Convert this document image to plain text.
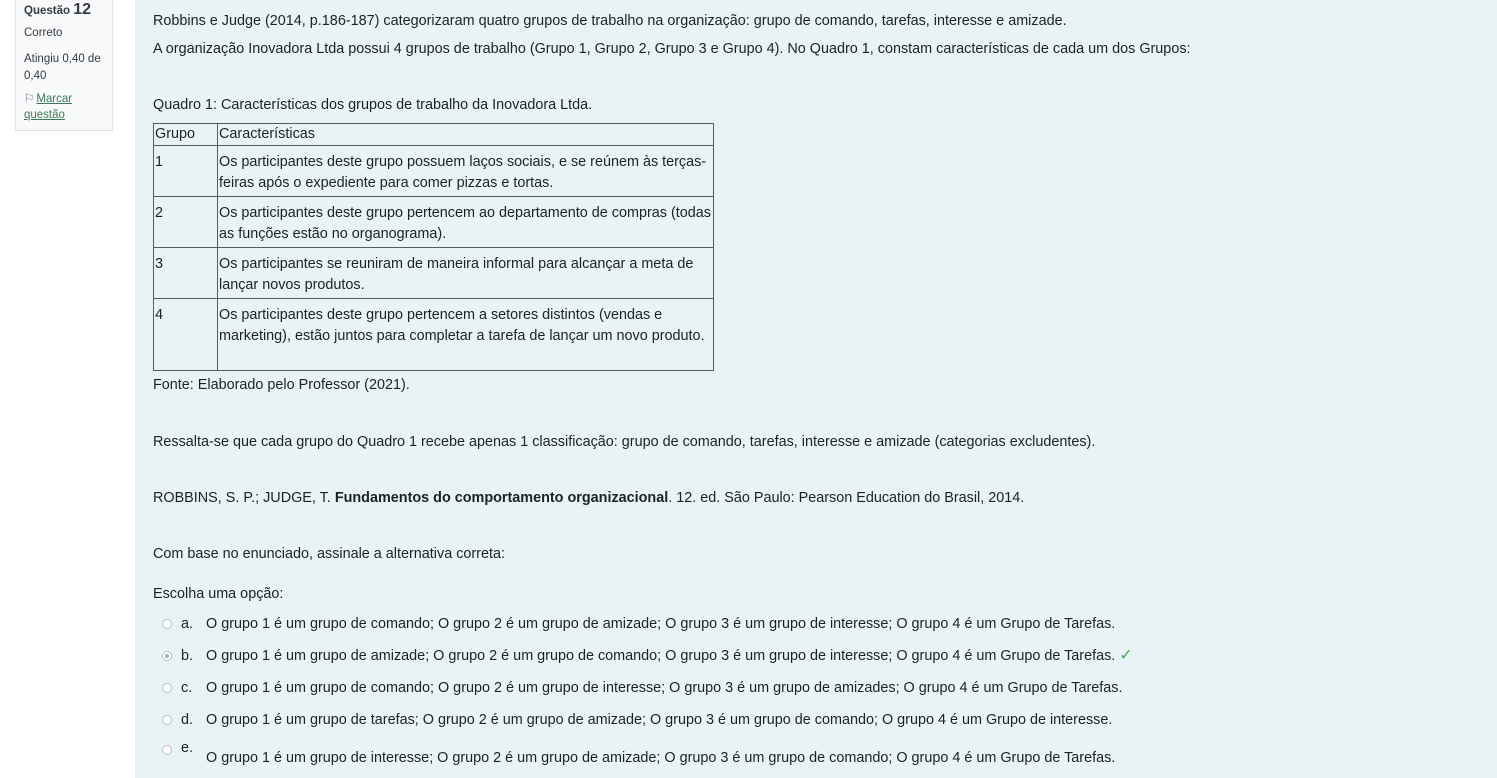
Questão 12
Correto
Atingiu 0,40 de 0,40
⚐ Marcar
questão
Robbins e Judge (2014, p.186-187) categorizaram quatro grupos de trabalho na organização: grupo de comando, tarefas, interesse e amizade.
A organização Inovadora Ltda possui 4 grupos de trabalho (Grupo 1, Grupo 2, Grupo 3 e Grupo 4). No Quadro 1, constam características de cada um dos Grupos:
Quadro 1: Características dos grupos de trabalho da Inovadora Ltda.
Grupo	Características
1	Os participantes deste grupo possuem laços sociais, e se reúnem às terças-feiras após o expediente para comer pizzas e tortas.
2	Os participantes deste grupo pertencem ao departamento de compras (todas as funções estão no organograma).
3	Os participantes se reuniram de maneira informal para alcançar a meta de lançar novos produtos.
4	Os participantes deste grupo pertencem a setores distintos (vendas e marketing), estão juntos para completar a tarefa de lançar um novo produto.
Fonte: Elaborado pelo Professor (2021).
Ressalta-se que cada grupo do Quadro 1 recebe apenas 1 classificação: grupo de comando, tarefas, interesse e amizade (categorias excludentes).
ROBBINS, S. P.; JUDGE, T. Fundamentos do comportamento organizacional. 12. ed. São Paulo: Pearson Education do Brasil, 2014.
Com base no enunciado, assinale a alternativa correta:
Escolha uma opção:
a. O grupo 1 é um grupo de comando; O grupo 2 é um grupo de amizade; O grupo 3 é um grupo de interesse; O grupo 4 é um Grupo de Tarefas.
b. O grupo 1 é um grupo de amizade; O grupo 2 é um grupo de comando; O grupo 3 é um grupo de interesse; O grupo 4 é um Grupo de Tarefas. ✓
c. O grupo 1 é um grupo de comando; O grupo 2 é um grupo de interesse; O grupo 3 é um grupo de amizades; O grupo 4 é um Grupo de Tarefas.
d. O grupo 1 é um grupo de tarefas; O grupo 2 é um grupo de amizade; O grupo 3 é um grupo de comando; O grupo 4 é um Grupo de interesse.
e.
O grupo 1 é um grupo de interesse; O grupo 2 é um grupo de amizade; O grupo 3 é um grupo de comando; O grupo 4 é um Grupo de Tarefas.
